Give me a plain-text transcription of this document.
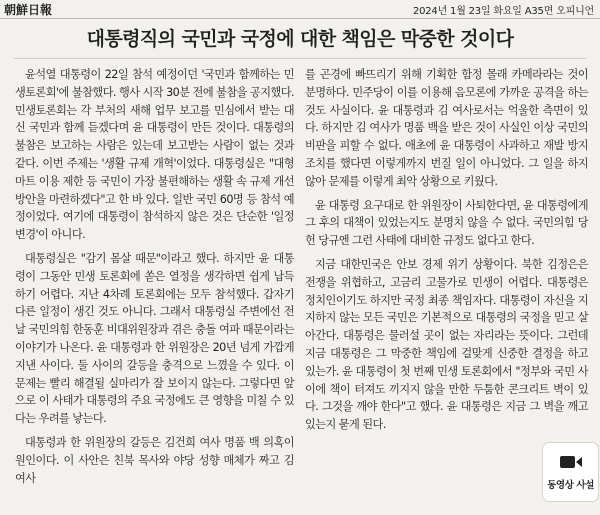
朝鮮日報	2024년 1월 23일 화요일 A35면 오피니언
대통령직의 국민과 국정에 대한 책임은 막중한 것이다

윤석열 대통령이 22일 참석 예정이던 '국민과 함께하는 민생토론회'에 불참했다. 행사 시작 30분 전에 불참을 공지했다. 민생토론회는 각 부처의 새해 업무 보고를 민심에서 받는 대신 국민과 함께 듣겠다며 윤 대통령이 만든 것이다. 대통령의 불참은 보고하는 사람은 있는데 보고받는 사람이 없는 것과 같다. 이번 주제는 '생활 규제 개혁'이었다. 대통령실은 "대형 마트 이용 제한 등 국민이 가장 불편해하는 생활 속 규제 개선 방안을 마련하겠다"고 한 바 있다. 일반 국민 60명 등 참석 예정이었다. 여기에 대통령이 참석하지 않은 것은 단순한 '일정 변경'이 아니다.

대통령실은 "감기 몸살 때문"이라고 했다. 하지만 윤 대통령이 그동안 민생 토론회에 쏟은 열정을 생각하면 쉽게 납득하기 어렵다. 지난 4차례 토론회에는 모두 참석했다. 갑자기 다른 일정이 생긴 것도 아니다. 그래서 대통령실 주변에선 전날 국민의힘 한동훈 비대위원장과 겪은 충돌 여파 때문이라는 이야기가 나온다. 윤 대통령과 한 위원장은 20년 넘게 가깝게 지낸 사이다. 둘 사이의 갈등을 충격으로 느꼈을 수 있다. 이 문제는 빨리 해결될 실마리가 잘 보이지 않는다. 그렇다면 앞으로 이 사태가 대통령의 주요 국정에도 큰 영향을 미칠 수 있다는 우려를 낳는다.

대통령과 한 위원장의 갈등은 김건희 여사 명품 백 의혹이 원인이다. 이 사안은 친북 목사와 야당 성향 매체가 짜고 김 여사

를 곤경에 빠뜨리기 위해 기획한 함정 몰래 카메라라는 것이 분명하다. 민주당이 이를 이용해 음모론에 가까운 공격을 하는 것도 사실이다. 윤 대통령과 김 여사로서는 억울한 측면이 있다. 하지만 김 여사가 명품 백을 받은 것이 사실인 이상 국민의 비판을 피할 수 없다. 애초에 윤 대통령이 사과하고 재발 방지 조치를 했다면 이렇게까지 번질 일이 아니었다. 그 일을 하지 않아 문제를 이렇게 최악 상황으로 키웠다.

윤 대통령 요구대로 한 위원장이 사퇴한다면, 윤 대통령에게 그 후의 대책이 있었는지도 분명치 않을 수 없다. 국민의힘 당헌 당규엔 그런 사태에 대비한 규정도 없다고 한다.

지금 대한민국은 안보 경제 위기 상황이다. 북한 김정은은 전쟁을 위협하고, 고금리 고물가로 민생이 어렵다. 대통령은 정치인이기도 하지만 국정 최종 책임자다. 대통령이 자신을 지지하지 않는 모든 국민은 기본적으로 대통령의 국정을 믿고 살아간다. 대통령은 물러설 곳이 없는 자리라는 뜻이다. 그런데 지금 대통령은 그 막중한 책임에 걸맞게 신중한 결정을 하고 있는가. 윤 대통령이 첫 번째 민생 토론회에서 "정부와 국민 사이에 책이 터져도 끼지지 않을 만한 두툼한 콘크리트 벽이 있다. 그것을 깨야 한다"고 했다. 윤 대통령은 지금 그 벽을 깨고 있는지 묻게 된다.

동영상 사설
